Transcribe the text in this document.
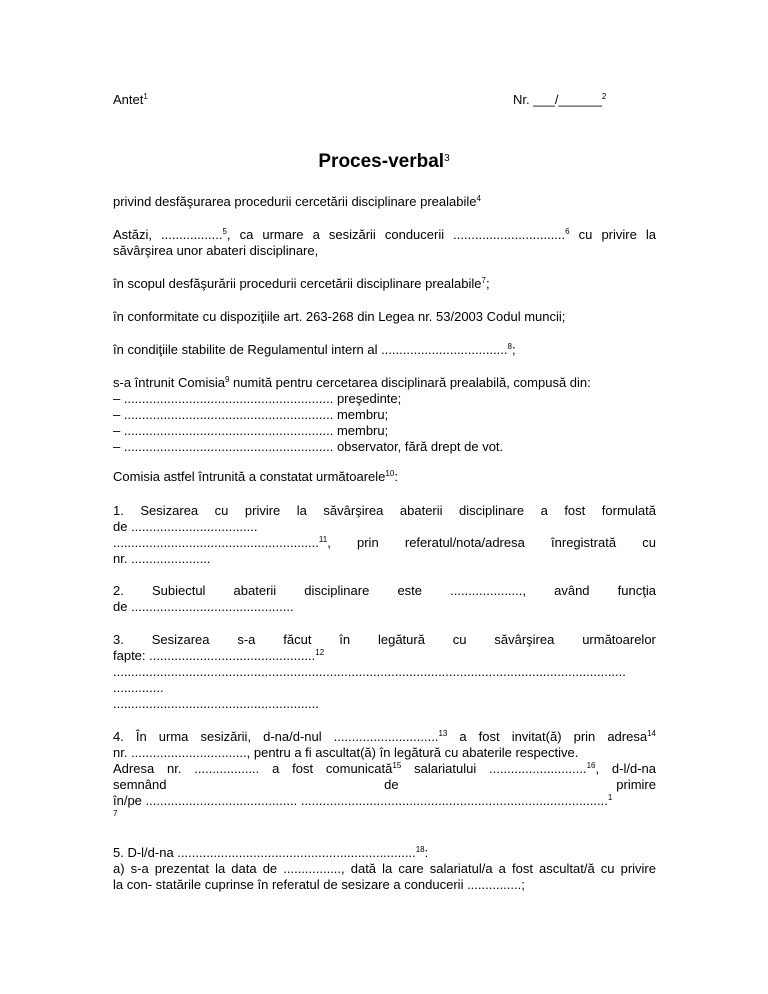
Antet$^1$	Nr. ___/______$^2$
Proces-verbal$^3$
privind desfăşurarea procedurii cercetării disciplinare prealabile$^4$
Astăzi, .................$^5$, ca urmare a sesizării conducerii ...............................$^6$ cu privire la
săvârşirea unor abateri disciplinare,
în scopul desfăşurării procedurii cercetării disciplinare prealabile$^7$;
în conformitate cu dispoziţiile art. 263-268 din Legea nr. 53/2003 Codul muncii;
în condiţiile stabilite de Regulamentul intern al ...................................$^8$;
s-a întrunit Comisia$^9$ numită pentru cercetarea disciplinară prealabilă, compusă din:
– .......................................................... preşedinte;
– .......................................................... membru;
– .......................................................... membru;
– .......................................................... observator, fără drept de vot.
Comisia astfel întrunită a constatat următoarele$^{10}$:
1. Sesizarea cu privire la săvârşirea abaterii disciplinare a fost formulată
de ...................................
.........................................................$^{11}$, prin referatul/nota/adresa înregistrată cu
nr. ......................
2. Subiectul abaterii disciplinare este ...................., având funcţia
de .............................................
3. Sesizarea s-a făcut în legătură cu săvârşirea următoarelor
fapte: ..............................................$^{12}$
..............................................................................................................................................
..............
.........................................................
4. În urma sesizării, d-na/d-nul .............................$^{13}$ a fost invitat(ă) prin adresa$^{14}$
nr. ................................, pentru a fi ascultat(ă) în legătură cu abaterile respective.
Adresa nr. .................. a fost comunicată$^{15}$ salariatului ...........................$^{16}$, d-l/d-na
semnând	de	primire
în/pe .......................................... .....................................................................................$^1$
7
5. D-l/d-na ..................................................................$^{18}$:
a) s-a prezentat la data de ................, dată la care salariatul/a a fost ascultat/ă cu privire
la con- statările cuprinse în referatul de sesizare a conducerii ...............;
